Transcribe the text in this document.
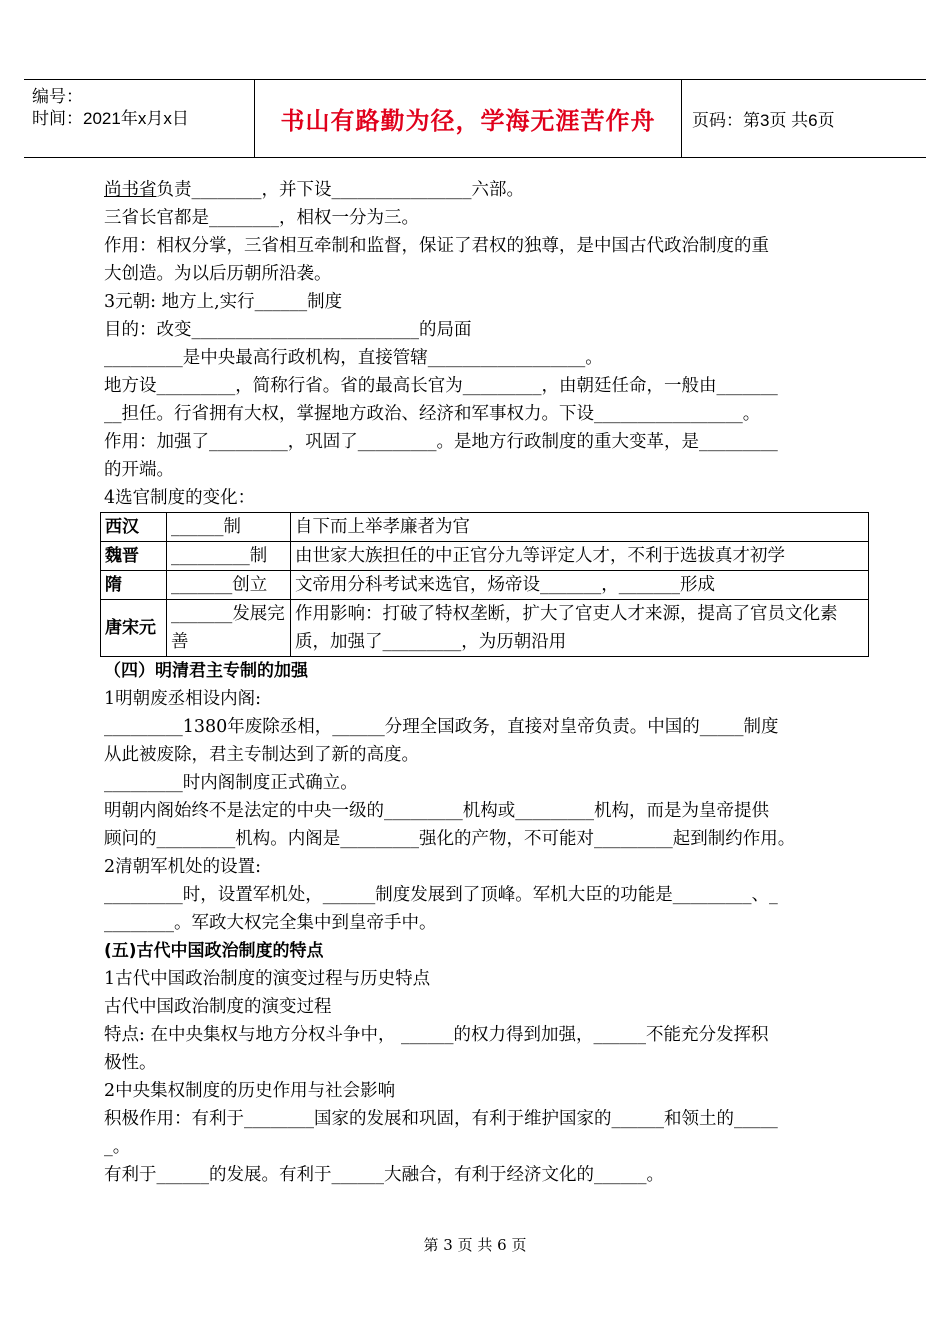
编号：
时间：2021年x月x日	书山有路勤为径，学海无涯苦作舟	页码：第3页 共6页
尚书省负责________，并下设________________六部。
三省长官都是________，相权一分为三。
作用：相权分掌，三省相互牵制和监督，保证了君权的独尊，是中国古代政治制度的重
大创造。为以后历朝所沿袭。
3元朝: 地方上,实行______制度
目的：改变__________________________的局面
_________是中央最高行政机构，直接管辖__________________。
地方设_________，简称行省。省的最高长官为_________，由朝廷任命，一般由_______
__担任。行省拥有大权，掌握地方政治、经济和军事权力。下设_________________。
作用：加强了_________，巩固了_________。是地方行政制度的重大变革，是_________
的开端。
4选官制度的变化：
西汉	______制	自下而上举孝廉者为官
魏晋	_________制	由世家大族担任的中正官分九等评定人才，不利于选拔真才初学
隋	_______创立	文帝用分科考试来选官，炀帝设_______，_______形成
唐宋元	_______发展完善	作用影响：打破了特权垄断，扩大了官吏人才来源，提高了官员文化素质，加强了_________，为历朝沿用
（四）明清君主专制的加强
1明朝废丞相设内阁:
_________1380年废除丞相，______分理全国政务，直接对皇帝负责。中国的_____制度
从此被废除，君主专制达到了新的高度。
_________时内阁制度正式确立。
明朝内阁始终不是法定的中央一级的_________机构或_________机构，而是为皇帝提供
顾问的_________机构。内阁是_________强化的产物，不可能对_________起到制约作用。
2清朝军机处的设置:
_________时，设置军机处，______制度发展到了顶峰。军机大臣的功能是_________、_
________。军政大权完全集中到皇帝手中。
(五)古代中国政治制度的特点
1古代中国政治制度的演变过程与历史特点
古代中国政治制度的演变过程
特点: 在中央集权与地方分权斗争中， ______的权力得到加强，______不能充分发挥积
极性。
2中央集权制度的历史作用与社会影响
积极作用：有利于________国家的发展和巩固，有利于维护国家的______和领土的_____
_。
有利于______的发展。有利于______大融合，有利于经济文化的______。
第 3 页 共 6 页
